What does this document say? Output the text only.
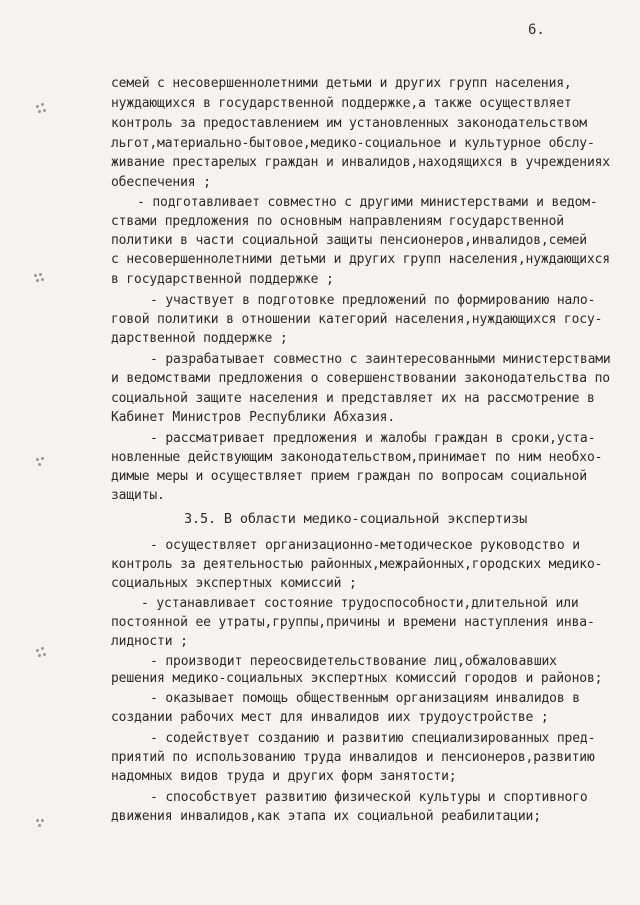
6.
семей с несовершеннолетними детьми и других групп населения,
нуждающихся в государственной поддержке,а также осуществляет
контроль за предоставлением им установленных законодательством
льгот,материально-бытовое,медико-социальное и культурное обслу-
живание престарелых граждан и инвалидов,находящихся в учреждениях
обеспечения ;
- подготавливает совместно с другими министерствами и ведом-
ствами предложения по основным направлениям государственной
политики в части социальной защиты пенсионеров,инвалидов,семей
с несовершеннолетними детьми и других групп населения,нуждающихся
в государственной поддержке ;
- участвует в подготовке предложений по формированию нало-
говой политики в отношении категорий населения,нуждающихся госу-
дарственной поддержке ;
- разрабатывает совместно с заинтересованными министерствами
и ведомствами предложения о совершенствовании законодательства по
социальной защите населения и представляет их на рассмотрение в
Кабинет Министров Республики Абхазия.
- рассматривает предложения и жалобы граждан в сроки,уста-
новленные действующим законодательством,принимает по ним необхо-
димые меры и осуществляет прием граждан по вопросам социальной
защиты.
3.5. В области медико-социальной экспертизы
- осуществляет организационно-методическое руководство и
контроль за деятельностью районных,межрайонных,городских медико-
социальных экспертных комиссий ;
- устанавливает состояние трудоспособности,длительной или
постоянной ее утраты,группы,причины и времени наступления инва-
лидности ;
- производит переосвидетельствование лиц,обжаловавших
решения медико-социальных экспертных комиссий городов и районов;
- оказывает помощь общественным организациям инвалидов в
создании рабочих мест для инвалидов иих трудоустройстве ;
- содействует созданию и развитию специализированных пред-
приятий по использованию труда инвалидов и пенсионеров,развитию
надомных видов труда и других форм занятости;
- способствует развитию физической культуры и спортивного
движения инвалидов,как этапа их социальной реабилитации;
